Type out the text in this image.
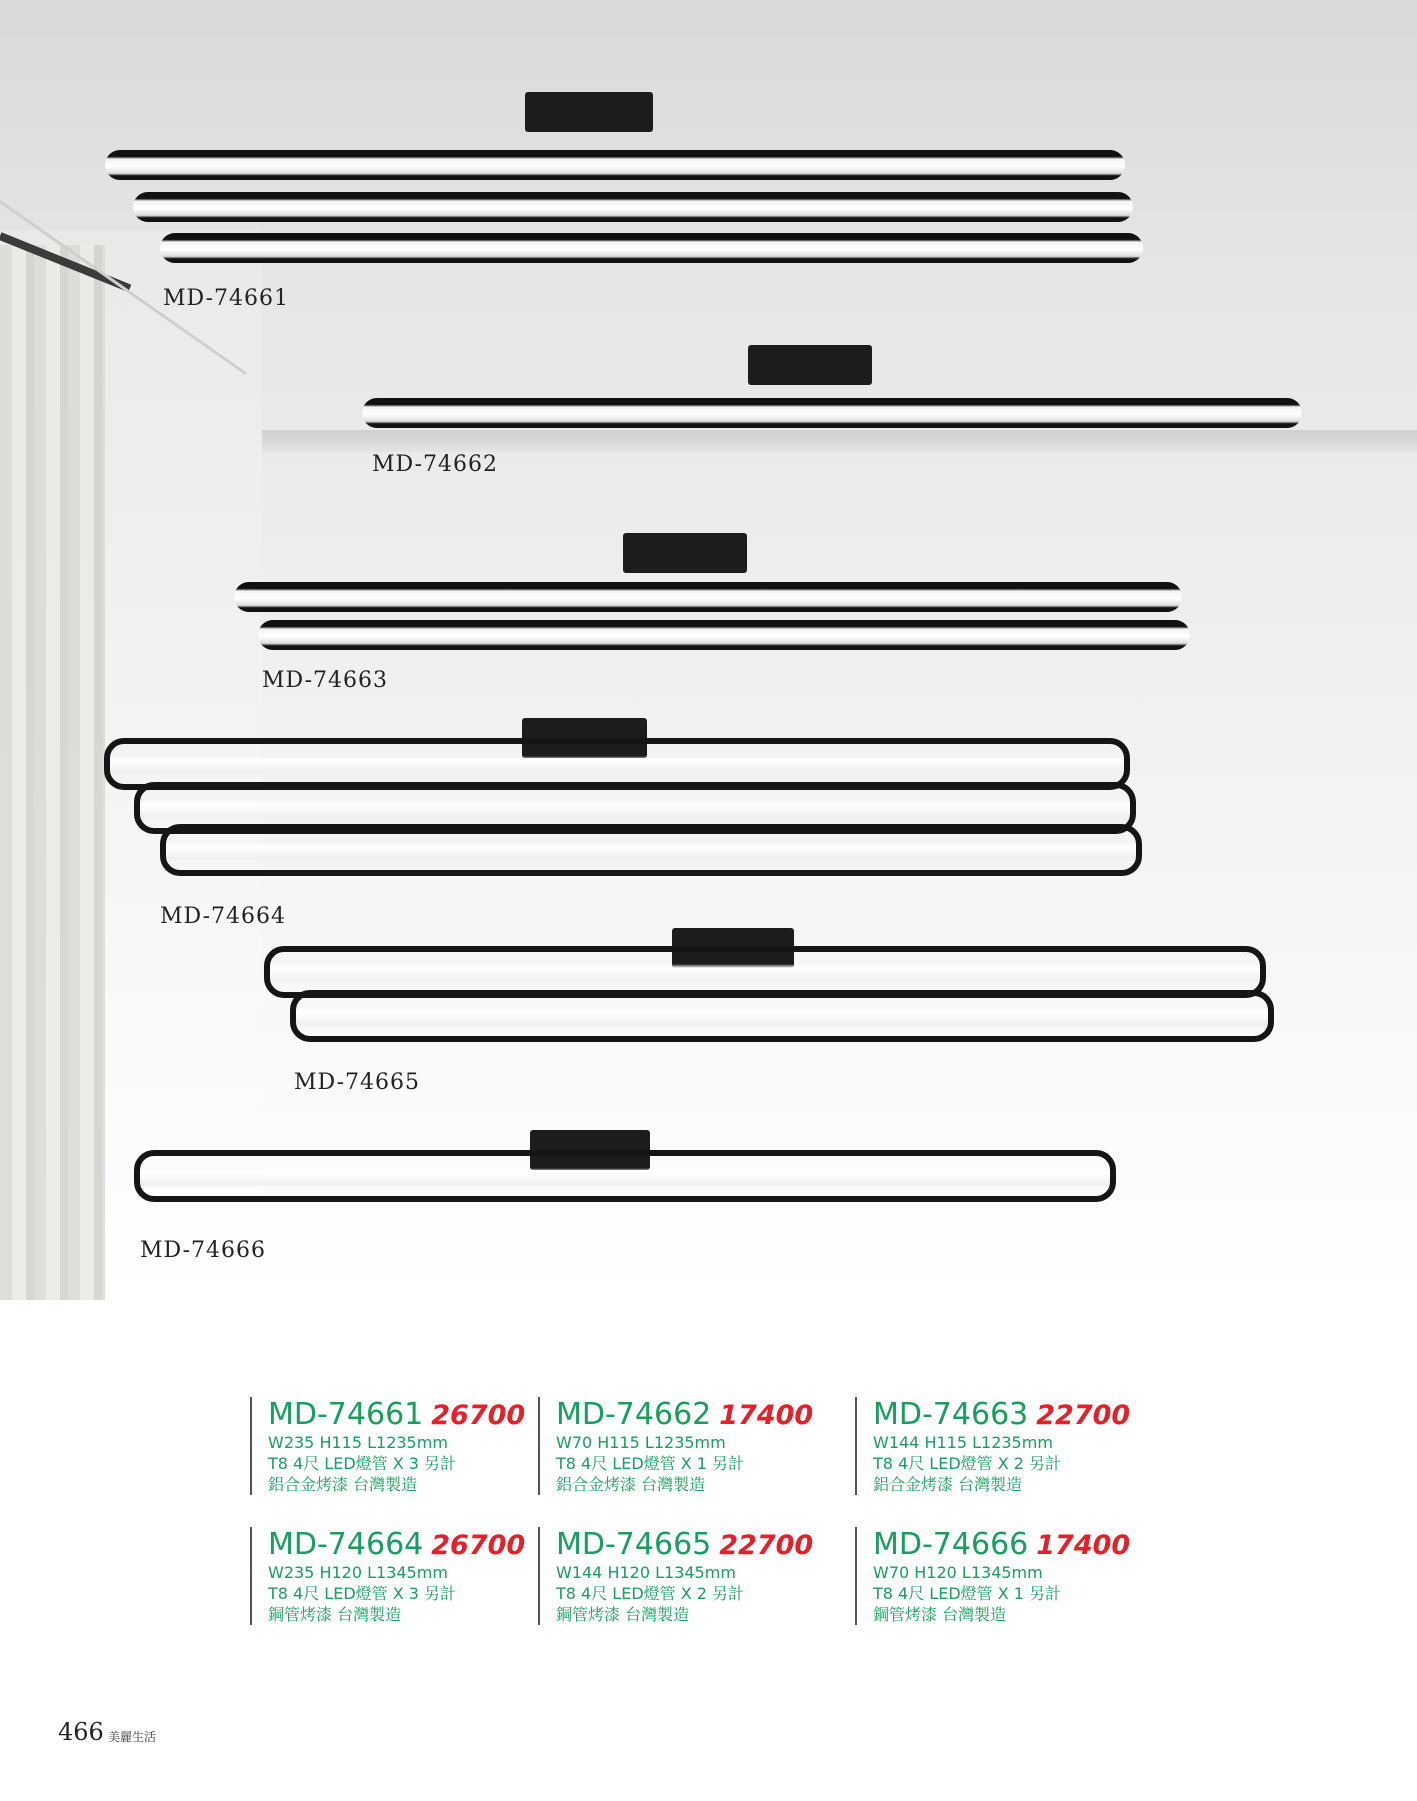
MD-74661
MD-74662
MD-74663
MD-74664
MD-74665
MD-74666
MD-74661 26700
W235 H115 L1235mm
T8 4尺 LED燈管 X 3 另計
鋁合金烤漆 台灣製造
MD-74662 17400
W70 H115 L1235mm
T8 4尺 LED燈管 X 1 另計
鋁合金烤漆 台灣製造
MD-74663 22700
W144 H115 L1235mm
T8 4尺 LED燈管 X 2 另計
鋁合金烤漆 台灣製造
MD-74664 26700
W235 H120 L1345mm
T8 4尺 LED燈管 X 3 另計
鋼管烤漆 台灣製造
MD-74665 22700
W144 H120 L1345mm
T8 4尺 LED燈管 X 2 另計
鋼管烤漆 台灣製造
MD-74666 17400
W70 H120 L1345mm
T8 4尺 LED燈管 X 1 另計
鋼管烤漆 台灣製造
466 美麗生活
